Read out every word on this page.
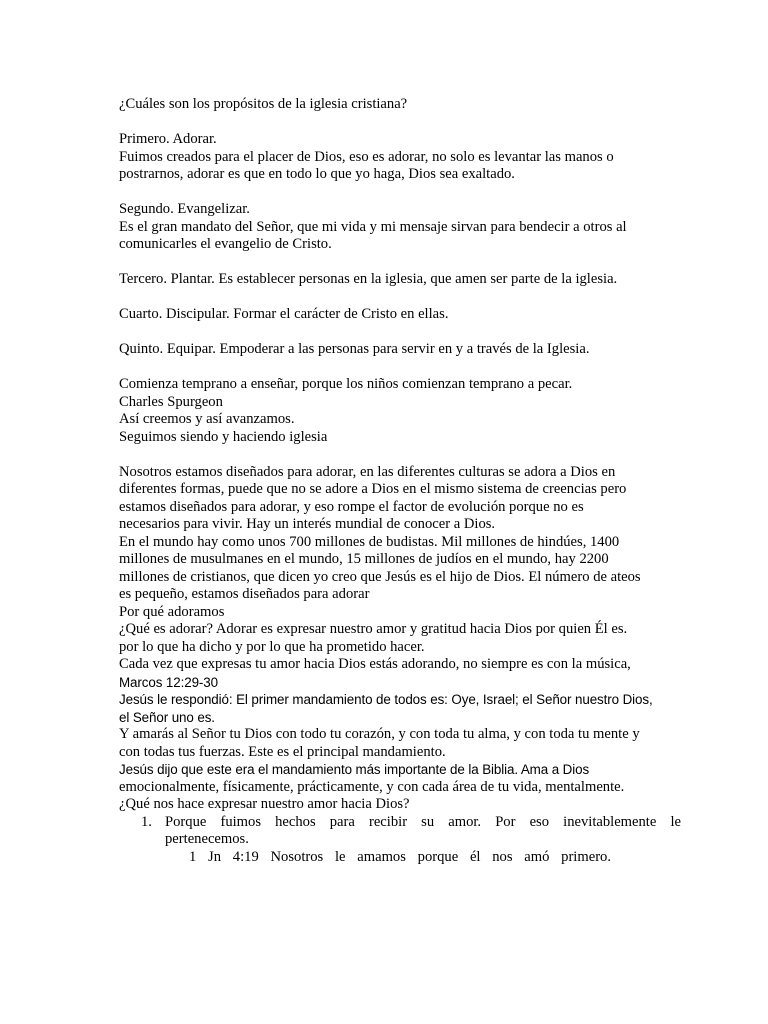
¿Cuáles son los propósitos de la iglesia cristiana?
Primero. Adorar.
Fuimos creados para el placer de Dios, eso es adorar, no solo es levantar las manos o
postrarnos, adorar es que en todo lo que yo haga, Dios sea exaltado.
Segundo. Evangelizar.
Es el gran mandato del Señor, que mi vida y mi mensaje sirvan para bendecir a otros al
comunicarles el evangelio de Cristo.
Tercero. Plantar. Es establecer personas en la iglesia, que amen ser parte de la iglesia.
Cuarto. Discipular. Formar el carácter de Cristo en ellas.
Quinto. Equipar. Empoderar a las personas para servir en y a través de la Iglesia.
Comienza temprano a enseñar, porque los niños comienzan temprano a pecar.
Charles Spurgeon
Así creemos y así avanzamos.
Seguimos siendo y haciendo iglesia
Nosotros estamos diseñados para adorar, en las diferentes culturas se adora a Dios en
diferentes formas, puede que no se adore a Dios en el mismo sistema de creencias pero
estamos diseñados para adorar, y eso rompe el factor de evolución porque no es
necesarios para vivir. Hay un interés mundial de conocer a Dios.
En el mundo hay como unos 700 millones de budistas. Mil millones de hindúes, 1400
millones de musulmanes en el mundo, 15 millones de judíos en el mundo, hay 2200
millones de cristianos, que dicen yo creo que Jesús es el hijo de Dios. El número de ateos
es pequeño, estamos diseñados para adorar
Por qué adoramos
¿Qué es adorar? Adorar es expresar nuestro amor y gratitud hacia Dios por quien Él es.
por lo que ha dicho y por lo que ha prometido hacer.
Cada vez que expresas tu amor hacia Dios estás adorando, no siempre es con la música,
Marcos 12:29-30
Jesús le respondió: El primer mandamiento de todos es: Oye, Israel; el Señor nuestro Dios,
el Señor uno es.
Y amarás al Señor tu Dios con todo tu corazón, y con toda tu alma, y con toda tu mente y
con todas tus fuerzas. Este es el principal mandamiento.
Jesús dijo que este era el mandamiento más importante de la Biblia. Ama a Dios
emocionalmente, físicamente, prácticamente, y con cada área de tu vida, mentalmente.
¿Qué nos hace expresar nuestro amor hacia Dios?
1. Porque fuimos hechos para recibir su amor. Por eso inevitablemente le
pertenecemos.
1 Jn 4:19 Nosotros le amamos porque él nos amó primero.
